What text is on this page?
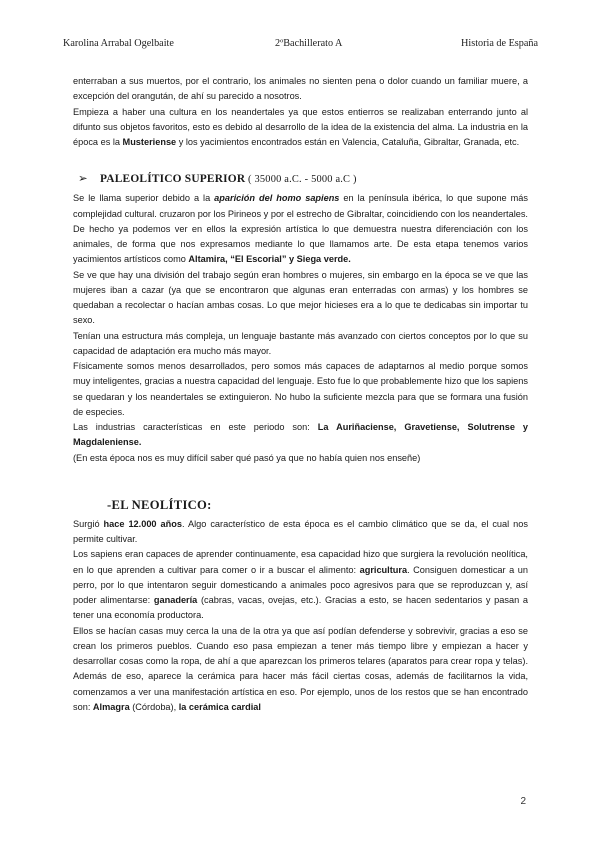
Karolina Arrabal Ogelbaite	2ºBachillerato A	Historia de España

enterraban a sus muertos, por el contrario, los animales no sienten pena o dolor cuando un familiar muere, a excepción del orangután, de ahí su parecido a nosotros.

Empieza a haber una cultura en los neandertales ya que estos entierros se realizaban enterrando junto al difunto sus objetos favoritos, esto es debido al desarrollo de la idea de la existencia del alma. La industria en la época es la Musteriense y los yacimientos encontrados están en Valencia, Cataluña, Gibraltar, Granada, etc.

➢ PALEOLÍTICO SUPERIOR ( 35000 a.C. - 5000 a.C )

Se le llama superior debido a la aparición del homo sapiens en la península ibérica, lo que supone más complejidad cultural. cruzaron por los Pirineos y por el estrecho de Gibraltar, coincidiendo con los neandertales. De hecho ya podemos ver en ellos la expresión artística lo que demuestra nuestra diferenciación con los animales, de forma que nos expresamos mediante lo que llamamos arte. De esta etapa tenemos varios yacimientos artísticos como Altamira, “El Escorial” y Siega verde.

Se ve que hay una división del trabajo según eran hombres o mujeres, sin embargo en la época se ve que las mujeres iban a cazar (ya que se encontraron que algunas eran enterradas con armas) y los hombres se quedaban a recolectar o hacían ambas cosas. Lo que mejor hicieses era a lo que te dedicabas sin importar tu sexo.

Tenían una estructura más compleja, un lenguaje bastante más avanzado con ciertos conceptos por lo que su capacidad de adaptación era mucho más mayor.

Físicamente somos menos desarrollados, pero somos más capaces de adaptarnos al medio porque somos muy inteligentes, gracias a nuestra capacidad del lenguaje. Esto fue lo que probablemente hizo que los sapiens se quedaran y los neandertales se extinguieron. No hubo la suficiente mezcla para que se formara una fusión de especies.

Las industrias características en este periodo son: La Auriñaciense, Gravetiense, Solutrense y Magdaleniense.

(En esta época nos es muy difícil saber qué pasó ya que no había quien nos enseñe)

-EL NEOLÍTICO:

Surgió hace 12.000 años. Algo característico de esta época es el cambio climático que se da, el cual nos permite cultivar.

Los sapiens eran capaces de aprender continuamente, esa capacidad hizo que surgiera la revolución neolítica, en lo que aprenden a cultivar para comer o ir a buscar el alimento: agricultura. Consiguen domesticar a un perro, por lo que intentaron seguir domesticando a animales poco agresivos para que se reproduzcan y, así poder alimentarse: ganadería (cabras, vacas, ovejas, etc.). Gracias a esto, se hacen sedentarios y pasan a tener una economía productora.

Ellos se hacían casas muy cerca la una de la otra ya que así podían defenderse y sobrevivir, gracias a eso se crean los primeros pueblos. Cuando eso pasa empiezan a tener más tiempo libre y empiezan a hacer y desarrollar cosas como la ropa, de ahí a que aparezcan los primeros telares (aparatos para crear ropa y telas). Además de eso, aparece la cerámica para hacer más fácil ciertas cosas, además de facilitarnos la vida, comenzamos a ver una manifestación artística en eso. Por ejemplo, unos de los restos que se han encontrado son: Almagra (Córdoba), la cerámica cardial

2
